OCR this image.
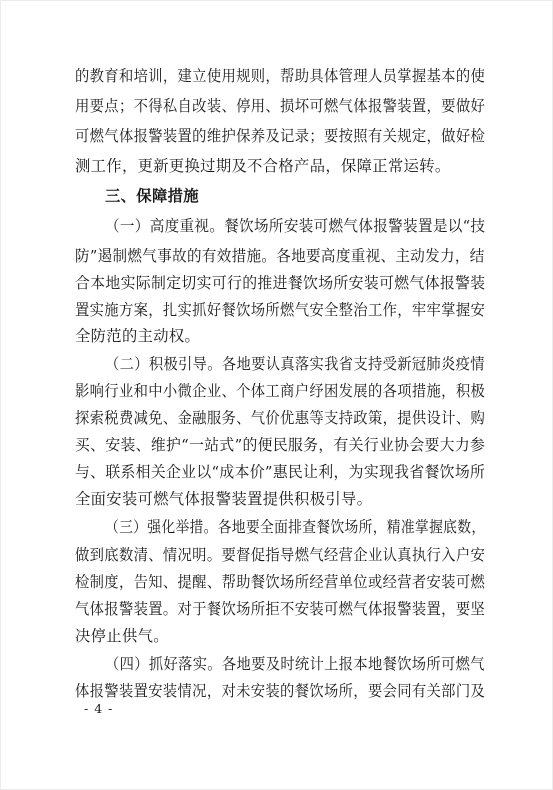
的教育和培训，建立使用规则，帮助具体管理人员掌握基本的使
用要点；不得私自改装、停用、损坏可燃气体报警装置，要做好
可燃气体报警装置的维护保养及记录；要按照有关规定，做好检
测工作，更新更换过期及不合格产品，保障正常运转。
三、保障措施
（一）高度重视。餐饮场所安装可燃气体报警装置是以“技
防”遏制燃气事故的有效措施。各地要高度重视、主动发力，结
合本地实际制定切实可行的推进餐饮场所安装可燃气体报警装
置实施方案，扎实抓好餐饮场所燃气安全整治工作，牢牢掌握安
全防范的主动权。
（二）积极引导。各地要认真落实我省支持受新冠肺炎疫情
影响行业和中小微企业、个体工商户纾困发展的各项措施，积极
探索税费减免、金融服务、气价优惠等支持政策，提供设计、购
买、安装、维护“一站式”的便民服务，有关行业协会要大力参
与、联系相关企业以“成本价”惠民让利，为实现我省餐饮场所
全面安装可燃气体报警装置提供积极引导。
（三）强化举措。各地要全面排查餐饮场所，精准掌握底数，
做到底数清、情况明。要督促指导燃气经营企业认真执行入户安
检制度，告知、提醒、帮助餐饮场所经营单位或经营者安装可燃
气体报警装置。对于餐饮场所拒不安装可燃气体报警装置，要坚
决停止供气。
（四）抓好落实。各地要及时统计上报本地餐饮场所可燃气
体报警装置安装情况，对未安装的餐饮场所，要会同有关部门及
- 4 -
